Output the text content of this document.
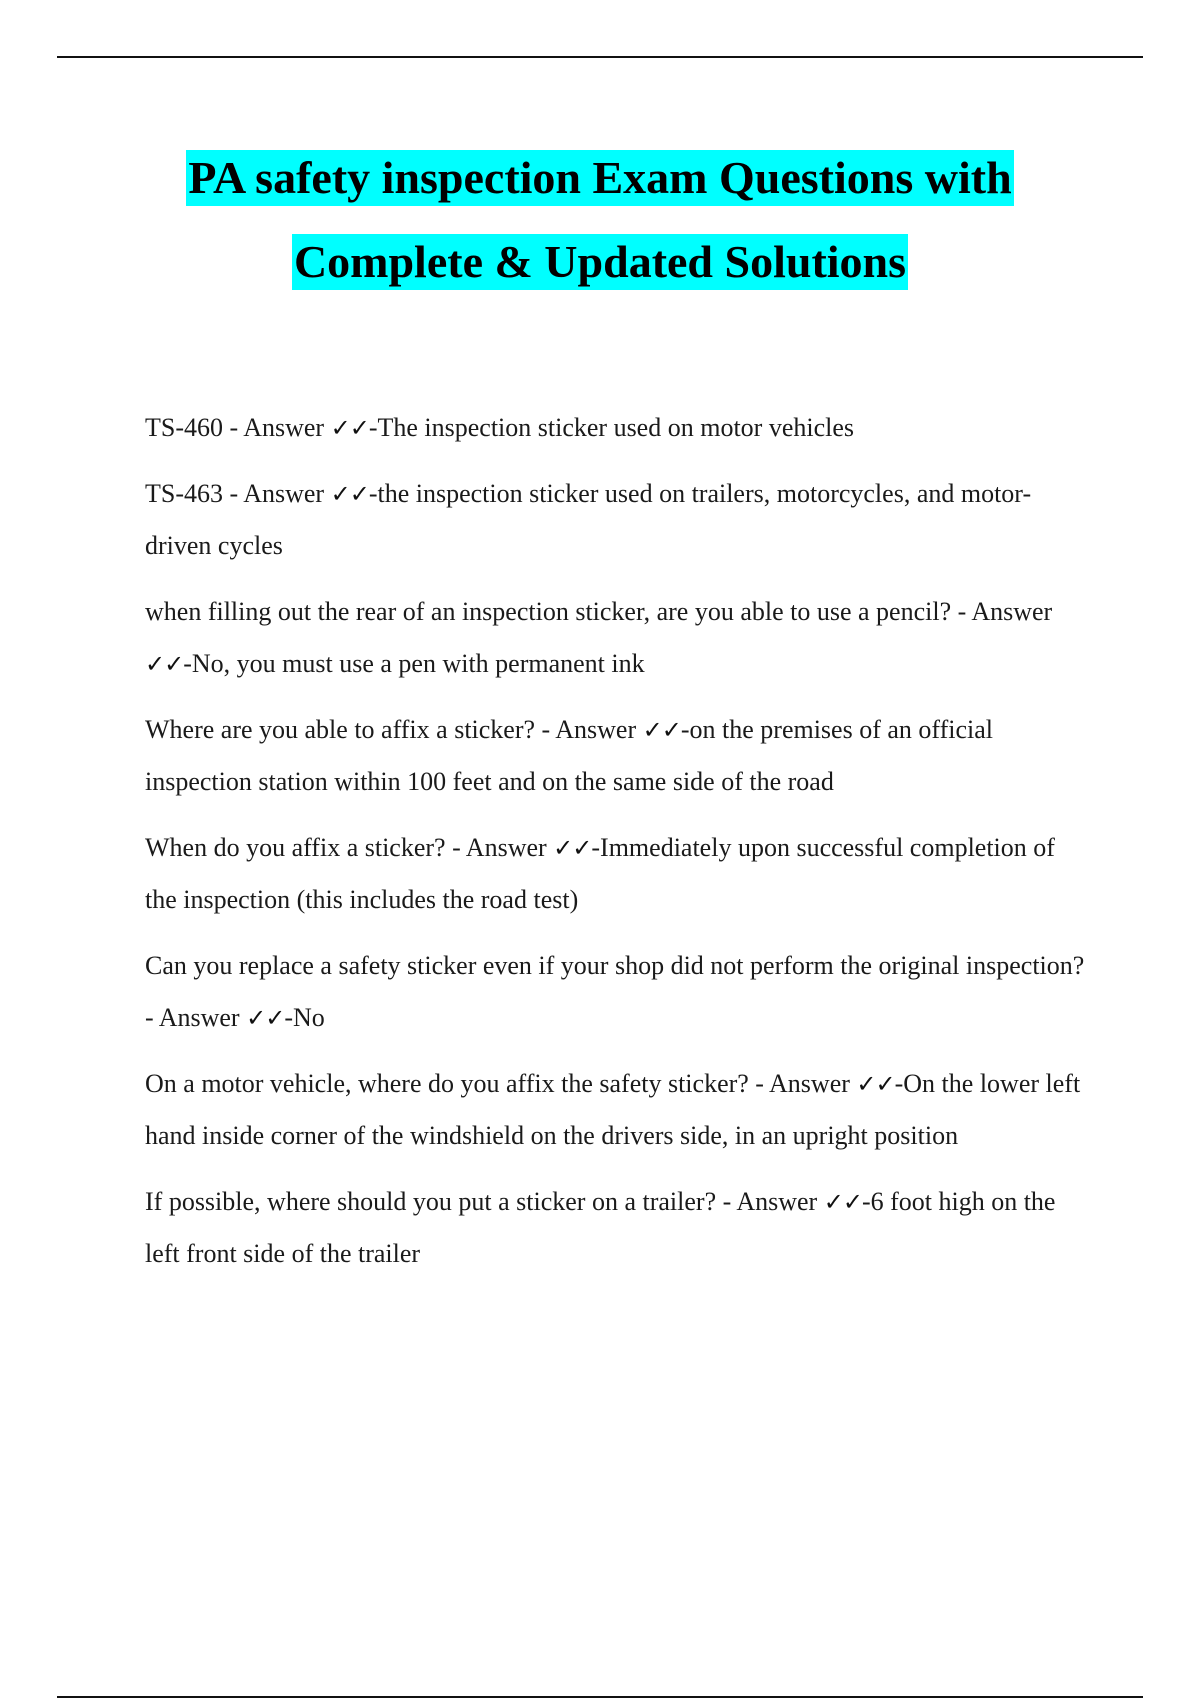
PA safety inspection Exam Questions with
Complete & Updated Solutions

TS-460 - Answer ✓✓-The inspection sticker used on motor vehicles

TS-463 - Answer ✓✓-the inspection sticker used on trailers, motorcycles, and motor-driven cycles

when filling out the rear of an inspection sticker, are you able to use a pencil? - Answer ✓✓-No, you must use a pen with permanent ink

Where are you able to affix a sticker? - Answer ✓✓-on the premises of an official inspection station within 100 feet and on the same side of the road

When do you affix a sticker? - Answer ✓✓-Immediately upon successful completion of the inspection (this includes the road test)

Can you replace a safety sticker even if your shop did not perform the original inspection? - Answer ✓✓-No

On a motor vehicle, where do you affix the safety sticker? - Answer ✓✓-On the lower left hand inside corner of the windshield on the drivers side, in an upright position

If possible, where should you put a sticker on a trailer? - Answer ✓✓-6 foot high on the left front side of the trailer
